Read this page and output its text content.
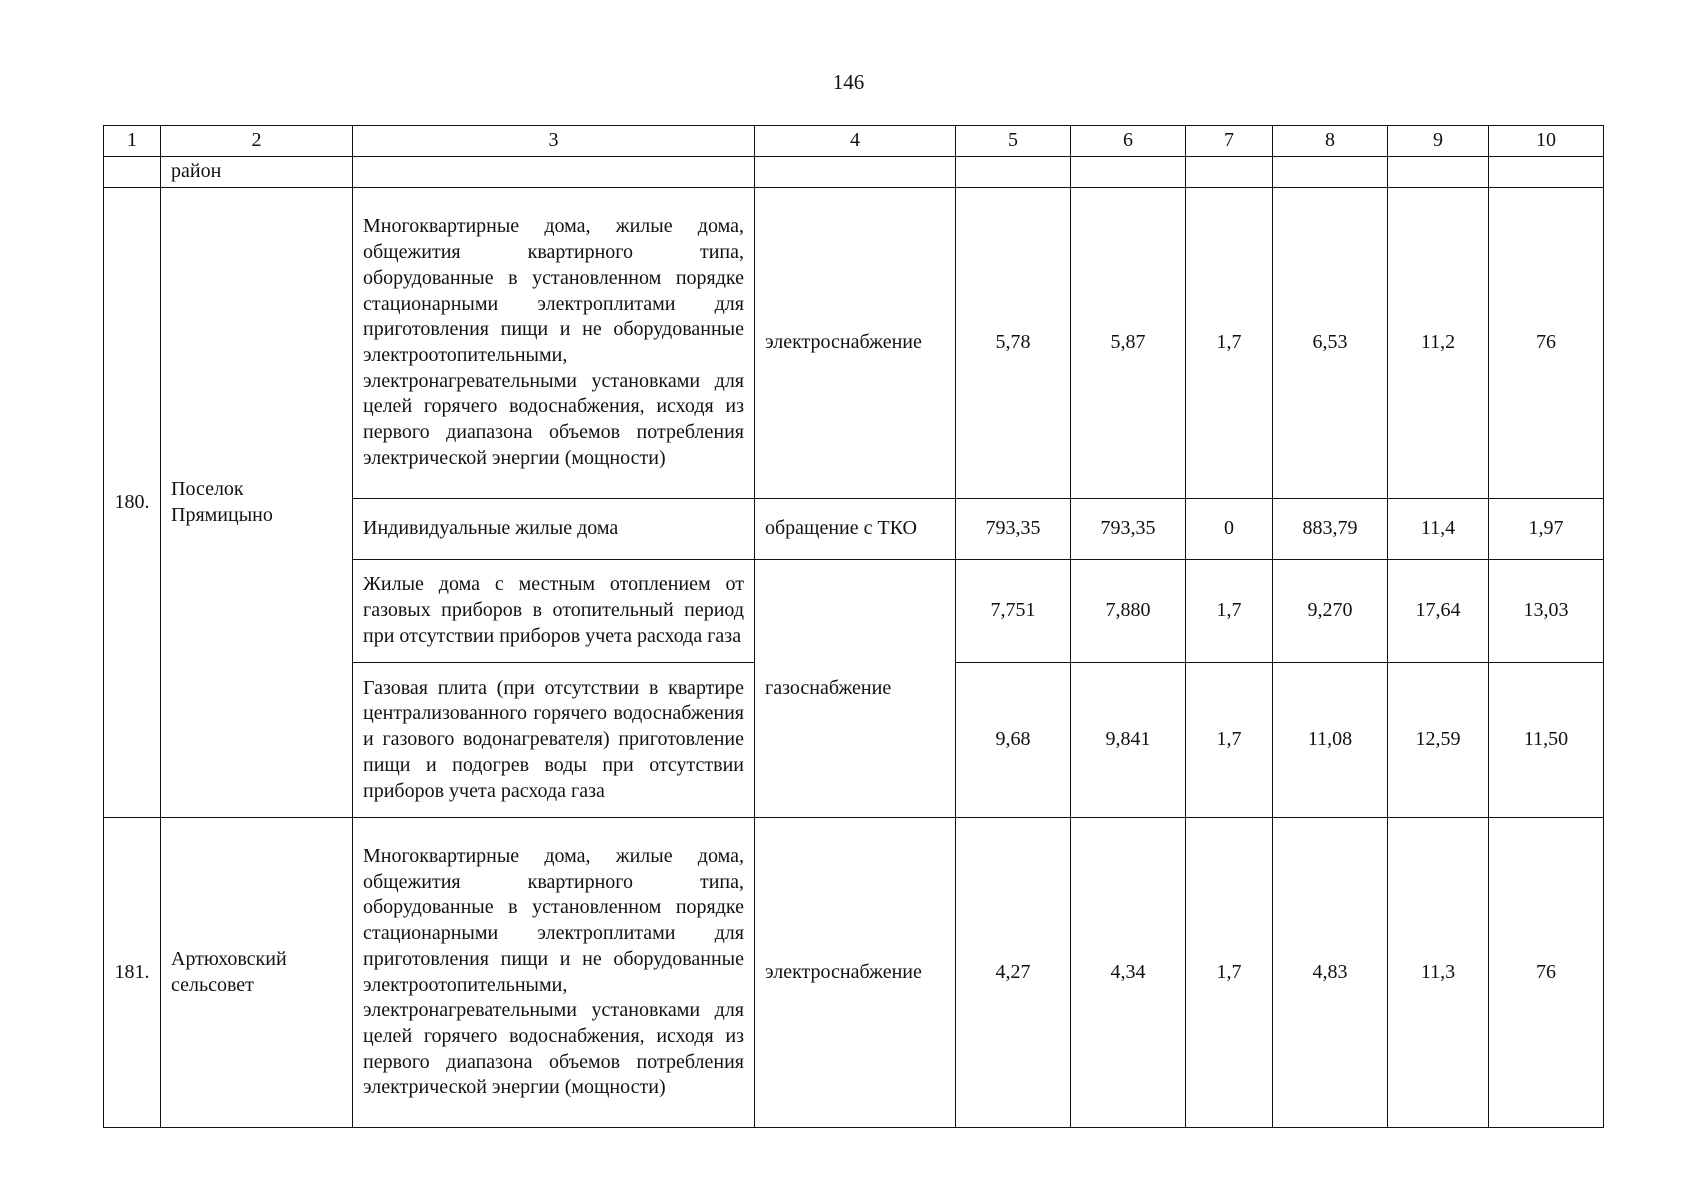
146
1	2	3	4	5	6	7	8	9	10
	район								
180.	Поселок Прямицыно	Многоквартирные дома, жилые дома, общежития квартирного типа, оборудованные в установленном порядке стационарными электроплитами для приготовления пищи и не оборудованные электроотопительными, электронагревательными установками для целей горячего водоснабжения, исходя из первого диапазона объемов потребления электрической энергии (мощности)	электроснабжение	5,78	5,87	1,7	6,53	11,2	76
		Индивидуальные жилые дома	обращение с ТКО	793,35	793,35	0	883,79	11,4	1,97
		Жилые дома с местным отоплением от газовых приборов в отопительный период при отсутствии приборов учета расхода газа	газоснабжение	7,751	7,880	1,7	9,270	17,64	13,03
		Газовая плита (при отсутствии в квартире централизованного горячего водоснабжения и газового водонагревателя) приготовление пищи и подогрев воды при отсутствии приборов учета расхода газа		9,68	9,841	1,7	11,08	12,59	11,50
181.	Артюховский сельсовет	Многоквартирные дома, жилые дома, общежития квартирного типа, оборудованные в установленном порядке стационарными электроплитами для приготовления пищи и не оборудованные электроотопительными, электронагревательными установками для целей горячего водоснабжения, исходя из первого диапазона объемов потребления электрической энергии (мощности)	электроснабжение	4,27	4,34	1,7	4,83	11,3	76
